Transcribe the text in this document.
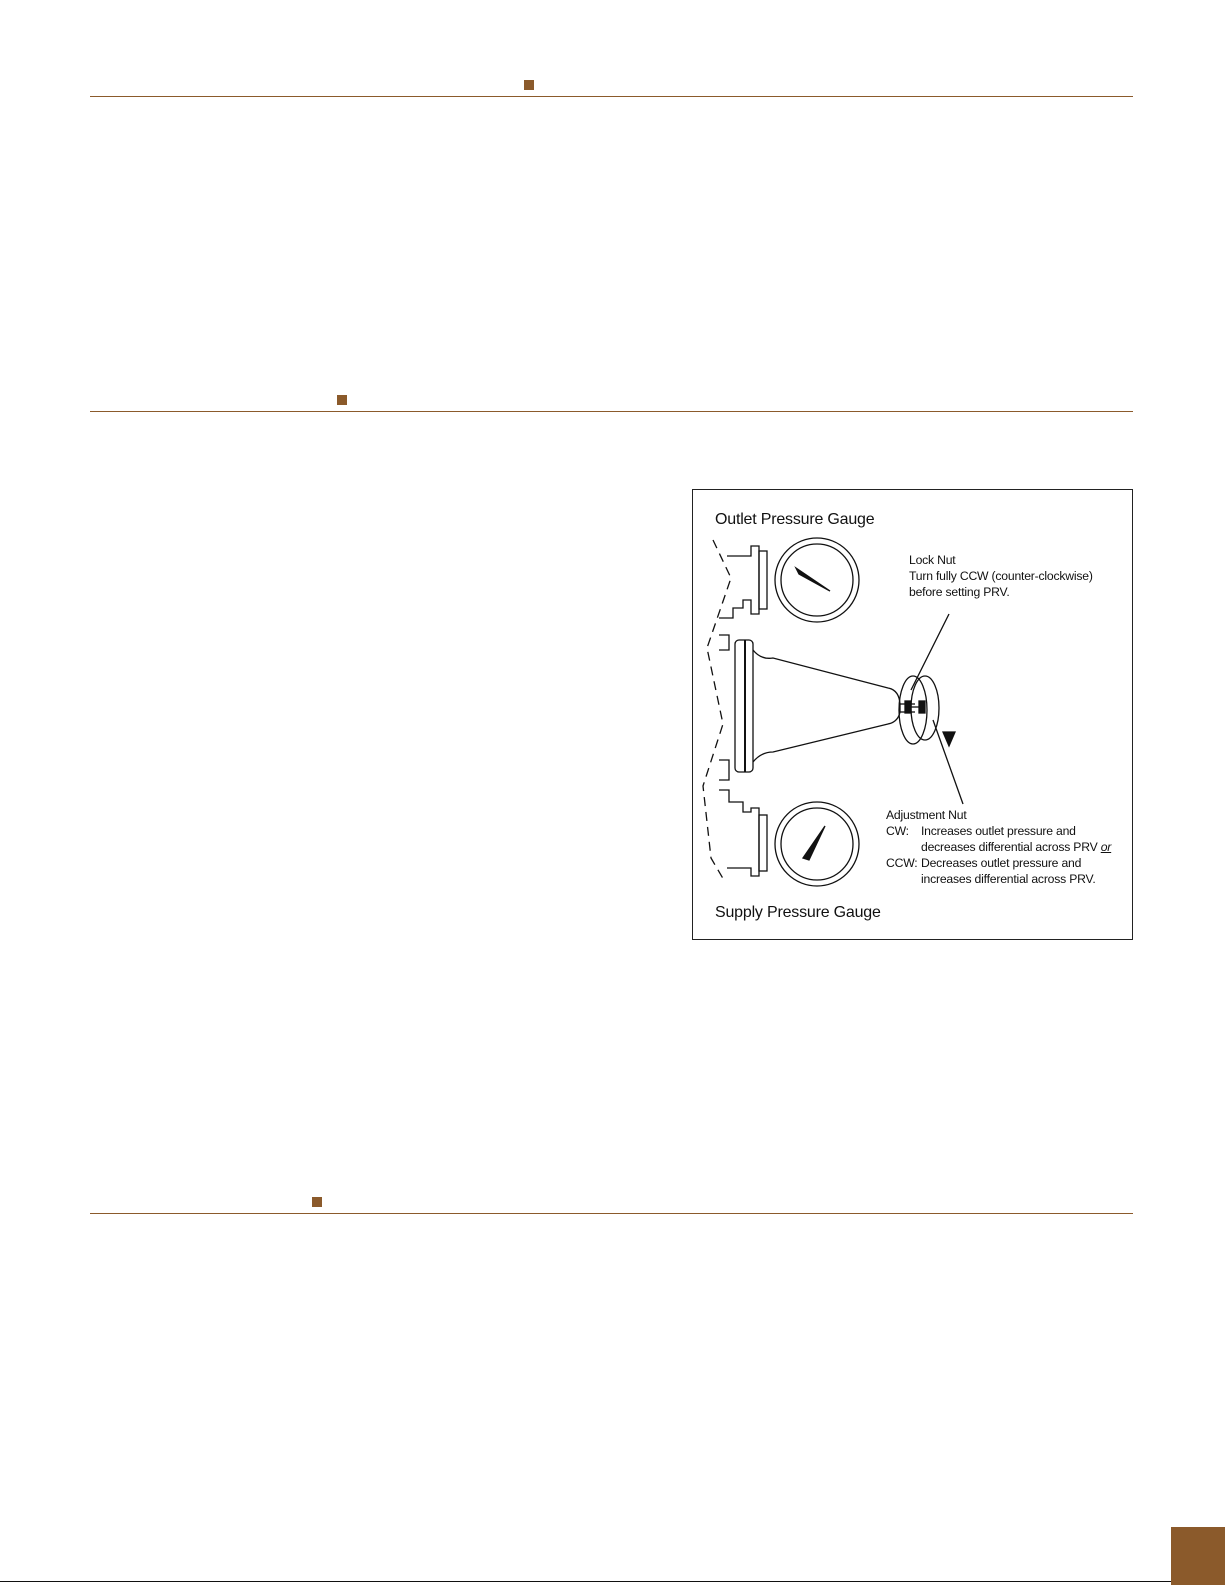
Outlet Pressure Gauge
Lock Nut
Turn fully CCW (counter-clockwise)
before setting PRV.
Adjustment Nut
CW: Increases outlet pressure and
decreases differential across PRV or
CCW: Decreases outlet pressure and
increases differential across PRV.
Supply Pressure Gauge
